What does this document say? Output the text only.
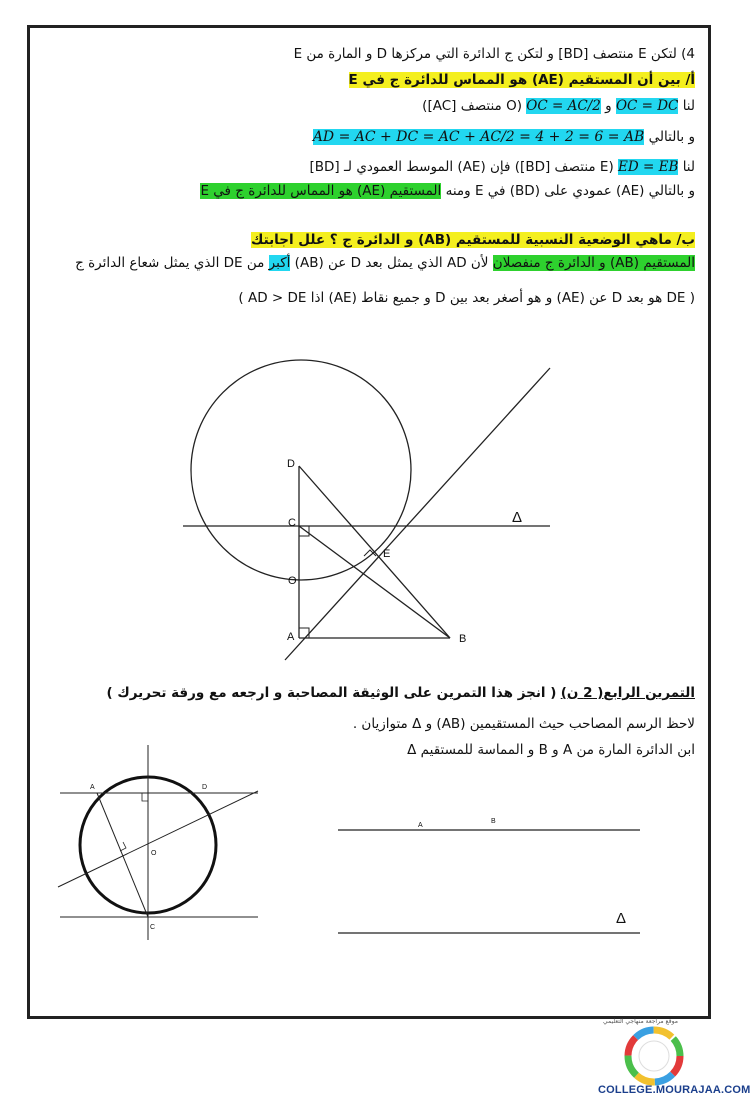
4) لتكن E منتصف [BD] و لتكن ج الدائرة التي مركزها D و المارة من E
أ/ بين أن المستقيم (AE) هو المماس للدائرة ج في E
لنا OC = DC و OC = AC/2 (O منتصف [AC])
و بالتالي AD = AC + DC = AC + AC/2 = 4 + 2 = 6 = AB
لنا ED = EB (E منتصف [BD]) فإن (AE) الموسط العمودي لـ [BD]
و بالتالي (AE) عمودي على (BD) في E ومنه المستقيم (AE) هو المماس للدائرة ج في E
ب/ ماهي الوضعية النسبية للمستقيم (AB) و الدائرة ج ؟ علل اجابتك
المستقيم (AB) و الدائرة ج منفصلان لأن AD الذي يمثل بعد D عن (AB) أكبر من DE الذي يمثل شعاع الدائرة ج
( DE هو بعد D عن (AE) و هو أصغر بعد بين D و جميع نقاط (AE) اذا AD > DE )
D
C
O
A	B
E
Δ
التمرين الرابع( 2 ن) ( انجز هذا التمرين على الوثيقة المصاحبة و ارجعه مع ورقة تحريرك )
لاحظ الرسم المصاحب حيث المستقيمين (AB) و Δ متوازيان .
ابن الدائرة المارة من A و B و المماسة للمستقيم Δ
A	D
O
C
A
B
Δ
موقع مراجعة منهاجي التعليمي
COLLEGE.MOURAJAA.COM
